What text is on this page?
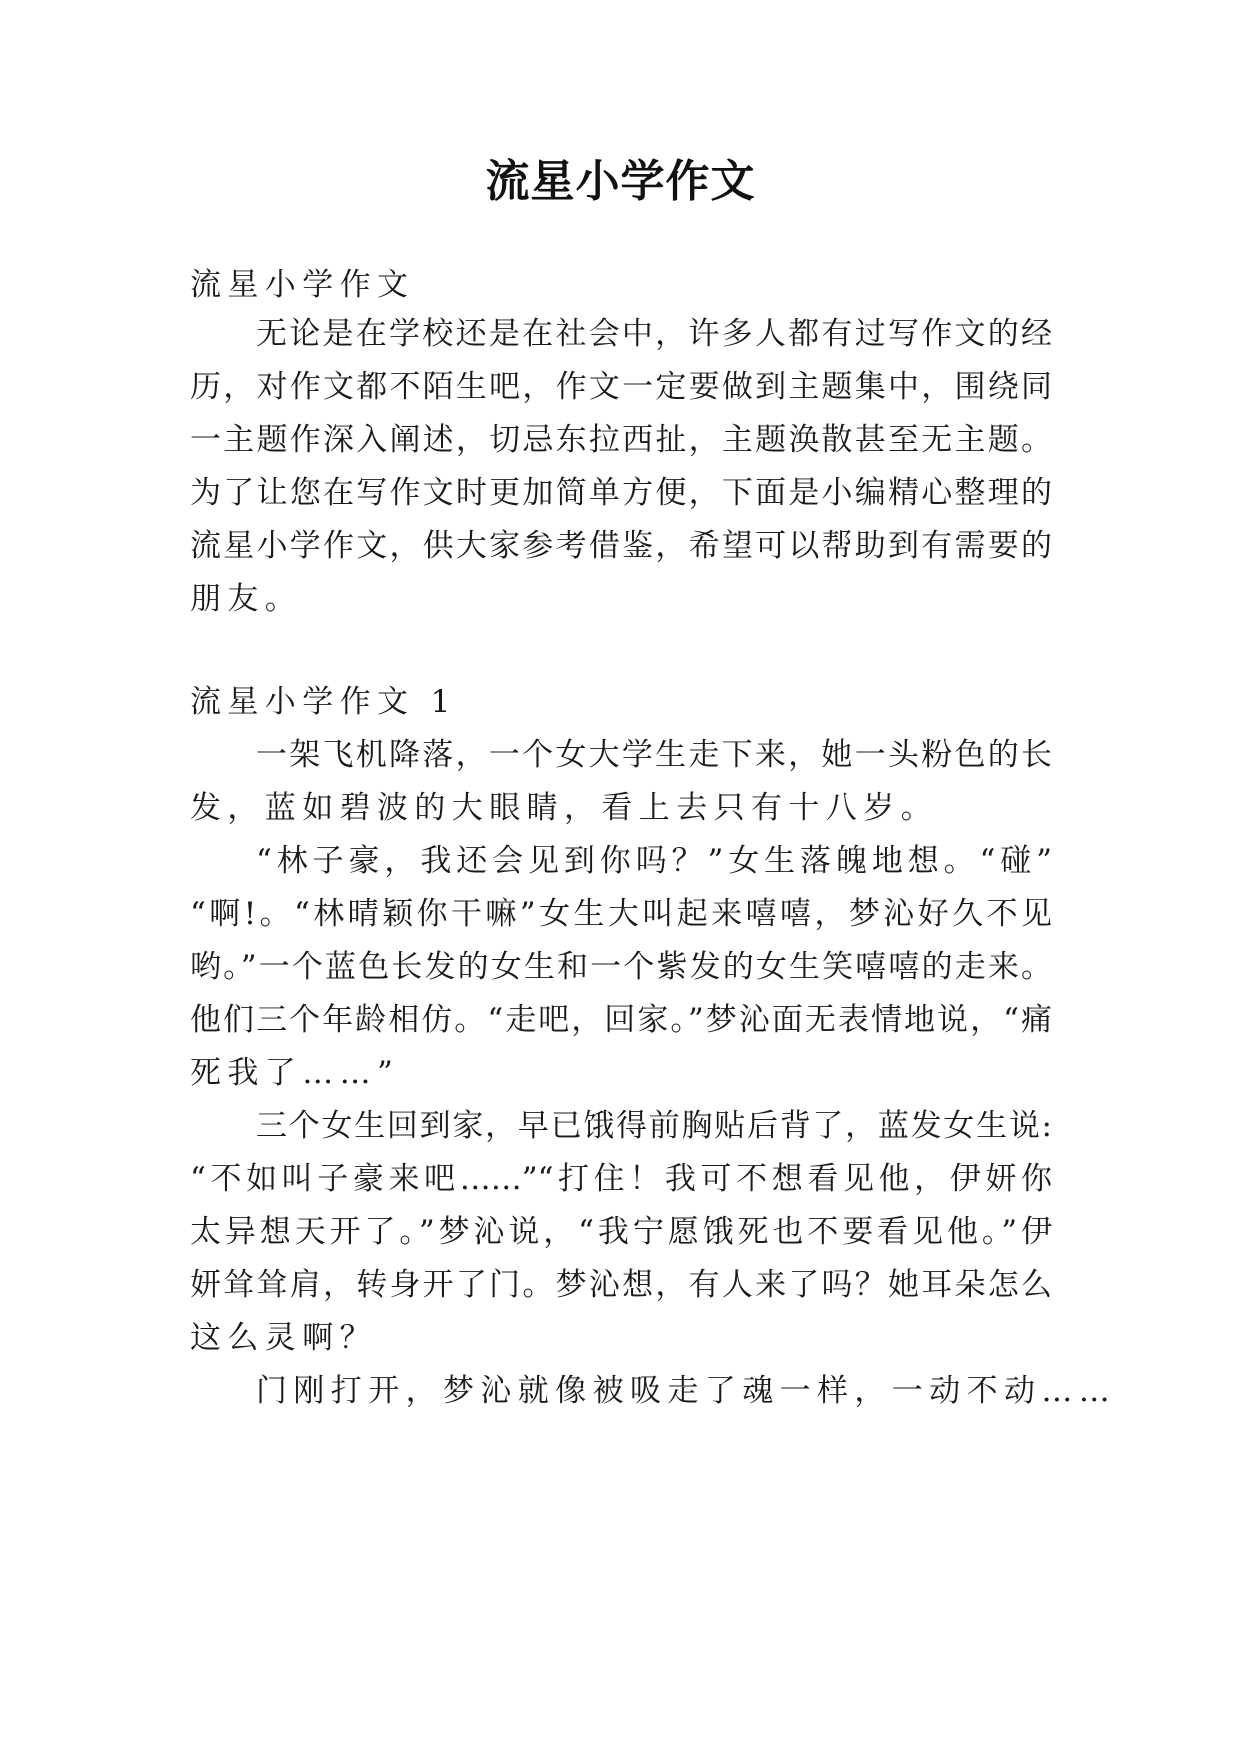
流星小学作文
流星小学作文
无论是在学校还是在社会中，许多人都有过写作文的经
历，对作文都不陌生吧，作文一定要做到主题集中，围绕同
一主题作深入阐述，切忌东拉西扯，主题涣散甚至无主题。
为了让您在写作文时更加简单方便，下面是小编精心整理的
流星小学作文，供大家参考借鉴，希望可以帮助到有需要的
朋友。
流星小学作文 1
一架飞机降落，一个女大学生走下来，她一头粉色的长
发，蓝如碧波的大眼睛，看上去只有十八岁。
“林子豪，我还会见到你吗？”女生落魄地想。“碰”
“啊!。“林晴颖你干嘛”女生大叫起来嘻嘻，梦沁好久不见
哟。”一个蓝色长发的女生和一个紫发的女生笑嘻嘻的走来。
他们三个年龄相仿。“走吧，回家。”梦沁面无表情地说，“痛
死我了……”
三个女生回到家，早已饿得前胸贴后背了，蓝发女生说:
“不如叫子豪来吧……”“打住！我可不想看见他，伊妍你
太异想天开了。”梦沁说，“我宁愿饿死也不要看见他。”伊
妍耸耸肩，转身开了门。梦沁想，有人来了吗？她耳朵怎么
这么灵啊？
门刚打开，梦沁就像被吸走了魂一样，一动不动……
